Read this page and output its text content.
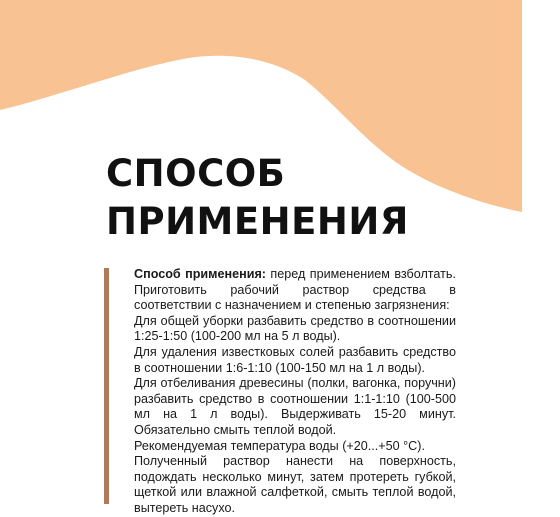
СПОСОБ
ПРИМЕНЕНИЯ

Способ применения: перед применением взболтать. Приготовить рабочий раствор средства в соответствии с назначением и степенью загрязнения:

Для общей уборки разбавить средство в соотношении 1:25-1:50 (100-200 мл на 5 л воды).

Для удаления известковых солей разбавить средство в соотношении 1:6-1:10 (100-150 мл на 1 л воды).

Для отбеливания древесины (полки, вагонка, поручни) разбавить средство в соотношении 1:1-1:10 (100-500 мл на 1 л воды). Выдерживать 15-20 минут. Обязательно смыть теплой водой.

Рекомендуемая температура воды (+20...+50 °С).

Полученный раствор нанести на поверхность, подождать несколько минут, затем протереть губкой, щеткой или влажной салфеткой, смыть теплой водой, вытереть насухо.
